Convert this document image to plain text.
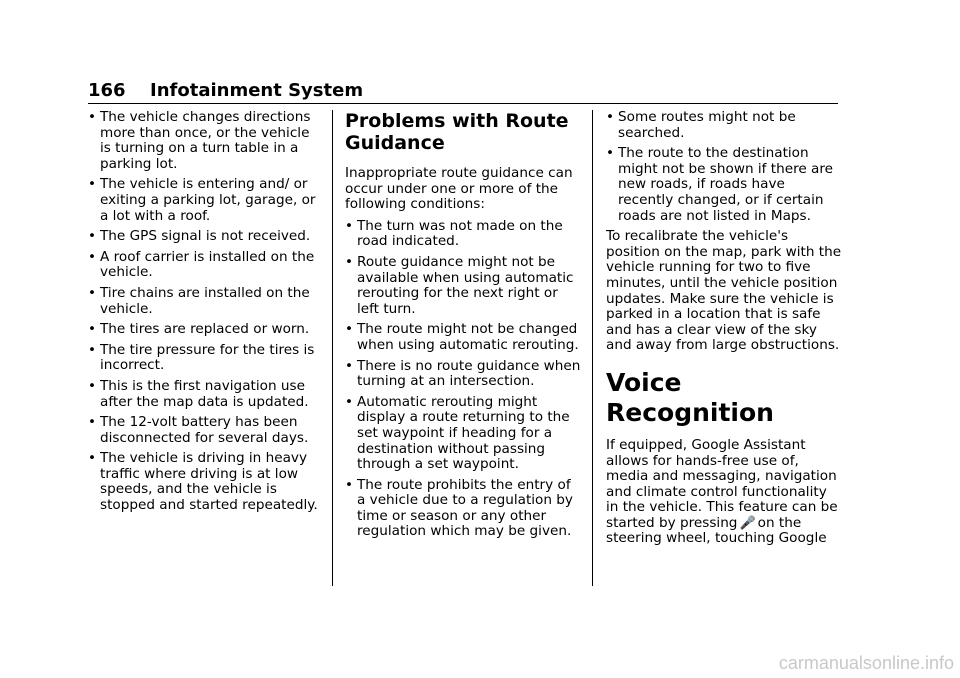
166 Infotainment System
• The vehicle changes directions more than once, or the vehicle is turning on a turn table in a parking lot.
• The vehicle is entering and/ or exiting a parking lot, garage, or a lot with a roof.
• The GPS signal is not received.
• A roof carrier is installed on the vehicle.
• Tire chains are installed on the vehicle.
• The tires are replaced or worn.
• The tire pressure for the tires is incorrect.
• This is the first navigation use after the map data is updated.
• The 12-volt battery has been disconnected for several days.
• The vehicle is driving in heavy traffic where driving is at low speeds, and the vehicle is stopped and started repeatedly.
Problems with Route Guidance

Inappropriate route guidance can occur under one or more of the following conditions:

• The turn was not made on the road indicated.
• Route guidance might not be available when using automatic rerouting for the next right or left turn.
• The route might not be changed when using automatic rerouting.
• There is no route guidance when turning at an intersection.
• Automatic rerouting might display a route returning to the set waypoint if heading for a destination without passing through a set waypoint.
• The route prohibits the entry of a vehicle due to a regulation by time or season or any other regulation which may be given.
• Some routes might not be searched.
• The route to the destination might not be shown if there are new roads, if roads have recently changed, or if certain roads are not listed in Maps.

To recalibrate the vehicle's position on the map, park with the vehicle running for two to five minutes, until the vehicle position updates. Make sure the vehicle is parked in a location that is safe and has a clear view of the sky and away from large obstructions.

Voice Recognition

If equipped, Google Assistant allows for hands-free use of, media and messaging, navigation and climate control functionality in the vehicle. This feature can be started by pressing 🎤 on the steering wheel, touching Google

carmanualsonline.info
